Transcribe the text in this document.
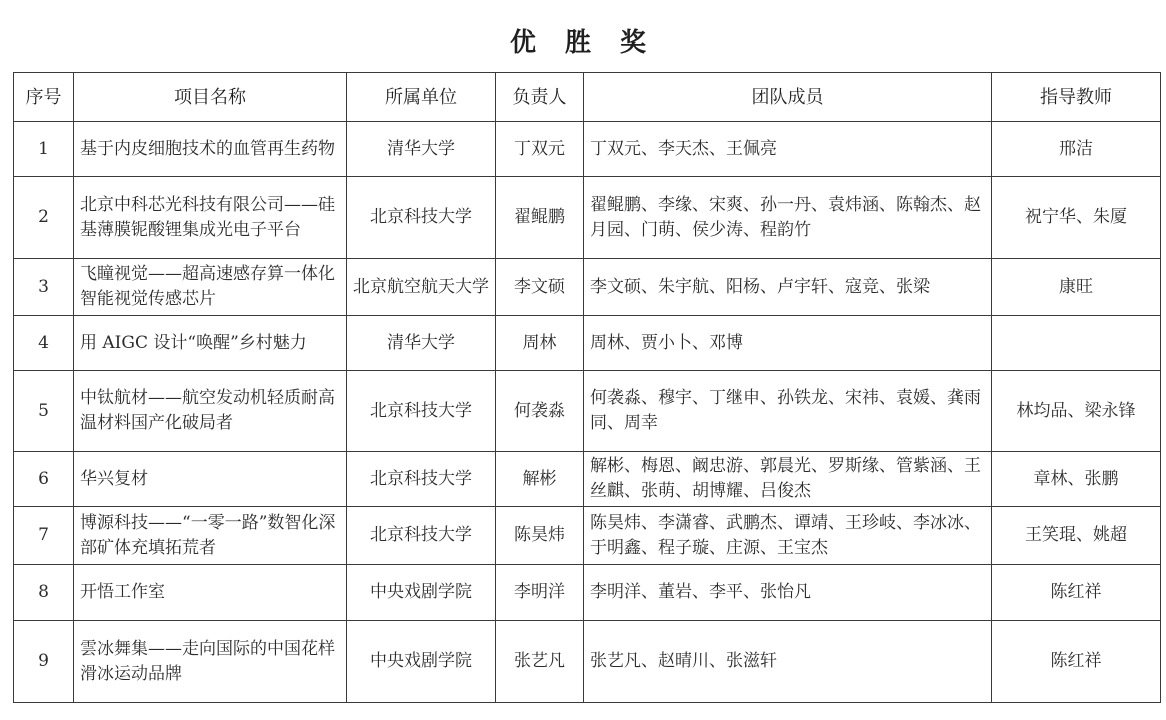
优 胜 奖
序号	项目名称	所属单位	负责人	团队成员	指导教师
1	基于内皮细胞技术的血管再生药物	清华大学	丁双元	丁双元、李天杰、王佩亮	邢洁
2	北京中科芯光科技有限公司——硅基薄膜铌酸锂集成光电子平台	北京科技大学	翟鲲鹏	翟鲲鹏、李缘、宋爽、孙一丹、袁炜涵、陈翰杰、赵月园、门萌、侯少涛、程韵竹	祝宁华、朱厦
3	飞瞳视觉——超高速感存算一体化智能视觉传感芯片	北京航空航天大学	李文硕	李文硕、朱宇航、阳杨、卢宇轩、寇竞、张梁	康旺
4	用 AIGC 设计“唤醒”乡村魅力	清华大学	周林	周林、贾小卜、邓博	
5	中钛航材——航空发动机轻质耐高温材料国产化破局者	北京科技大学	何袭淼	何袭淼、穆宇、丁继申、孙铁龙、宋祎、袁媛、龚雨同、周幸	林均品、梁永锋
6	华兴复材	北京科技大学	解彬	解彬、梅恩、阚忠游、郭晨光、罗斯缘、管紫涵、王丝麒、张萌、胡博耀、吕俊杰	章林、张鹏
7	博源科技——“一零一路”数智化深部矿体充填拓荒者	北京科技大学	陈昊炜	陈昊炜、李潇睿、武鹏杰、谭靖、王珍岐、李冰冰、于明鑫、程子璇、庄源、王宝杰	王笑琨、姚超
8	开悟工作室	中央戏剧学院	李明洋	李明洋、董岩、李平、张怡凡	陈红祥
9	雲冰舞集——走向国际的中国花样滑冰运动品牌	中央戏剧学院	张艺凡	张艺凡、赵晴川、张滋轩	陈红祥
